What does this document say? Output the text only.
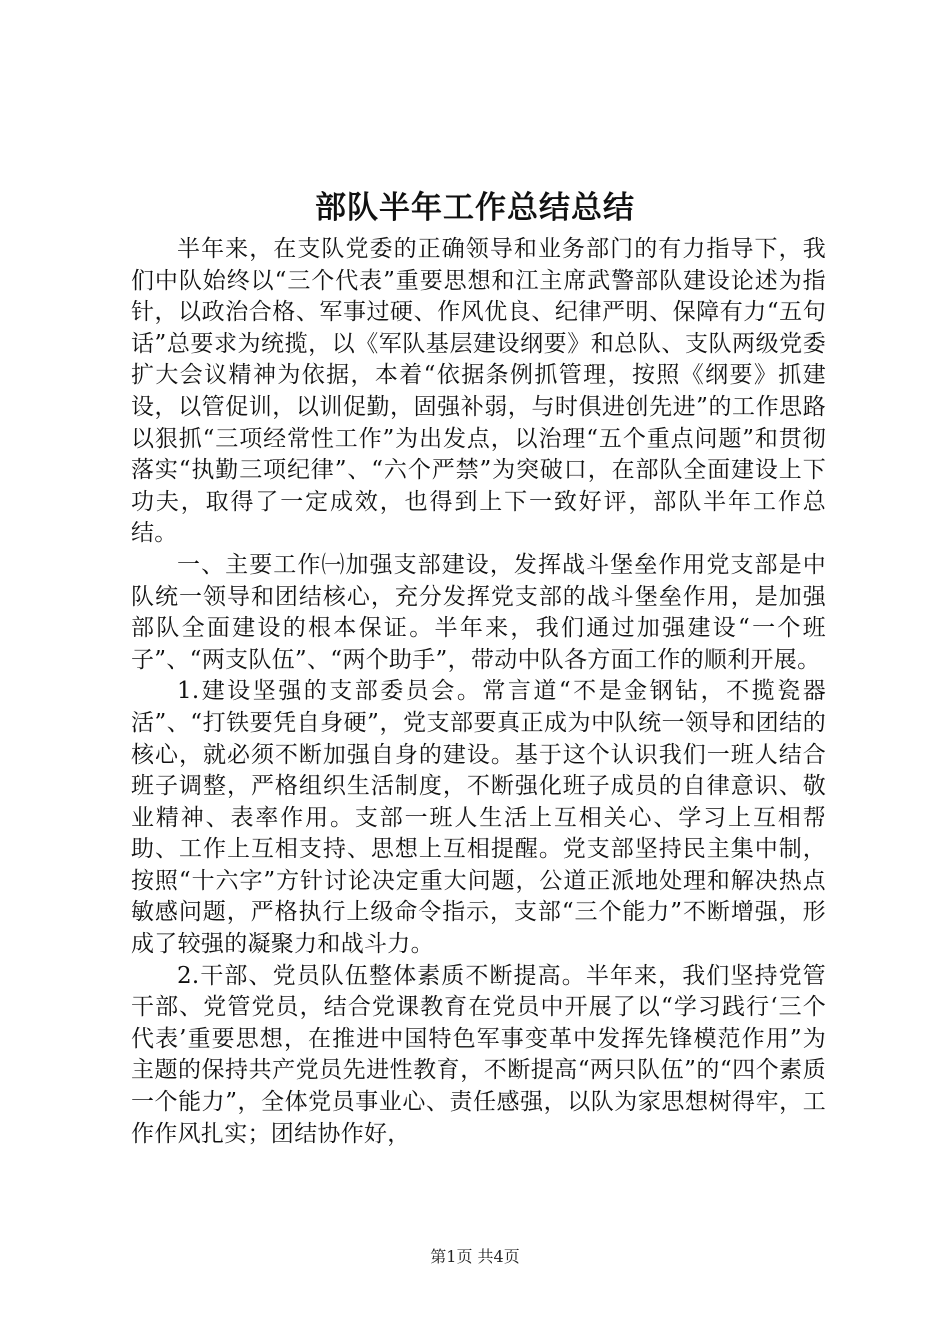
部队半年工作总结总结

半年来，在支队党委的正确领导和业务部门的有力指导下，我们中队始终以“三个代表”重要思想和江主席武警部队建设论述为指针，以政治合格、军事过硬、作风优良、纪律严明、保障有力“五句话”总要求为统揽，以《军队基层建设纲要》和总队、支队两级党委扩大会议精神为依据，本着“依据条例抓管理，按照《纲要》抓建设，以管促训，以训促勤，固强补弱，与时俱进创先进”的工作思路以狠抓“三项经常性工作”为出发点，以治理“五个重点问题”和贯彻落实“执勤三项纪律”、“六个严禁”为突破口，在部队全面建设上下功夫，取得了一定成效，也得到上下一致好评，部队半年工作总结。

一、主要工作㈠加强支部建设，发挥战斗堡垒作用党支部是中队统一领导和团结核心，充分发挥党支部的战斗堡垒作用，是加强部队全面建设的根本保证。半年来，我们通过加强建设“一个班子”、“两支队伍”、“两个助手”，带动中队各方面工作的顺利开展。

1.建设坚强的支部委员会。常言道“不是金钢钻，不揽瓷器活”、“打铁要凭自身硬”，党支部要真正成为中队统一领导和团结的核心，就必须不断加强自身的建设。基于这个认识我们一班人结合班子调整，严格组织生活制度，不断强化班子成员的自律意识、敬业精神、表率作用。支部一班人生活上互相关心、学习上互相帮助、工作上互相支持、思想上互相提醒。党支部坚持民主集中制，按照“十六字”方针讨论决定重大问题，公道正派地处理和解决热点敏感问题，严格执行上级命令指示，支部“三个能力”不断增强，形成了较强的凝聚力和战斗力。

2.干部、党员队伍整体素质不断提高。半年来，我们坚持党管干部、党管党员，结合党课教育在党员中开展了以“学习践行‘三个代表’重要思想，在推进中国特色军事变革中发挥先锋模范作用”为主题的保持共产党员先进性教育，不断提高“两只队伍”的“四个素质一个能力”，全体党员事业心、责任感强，以队为家思想树得牢，工作作风扎实；团结协作好，

第1页 共4页
